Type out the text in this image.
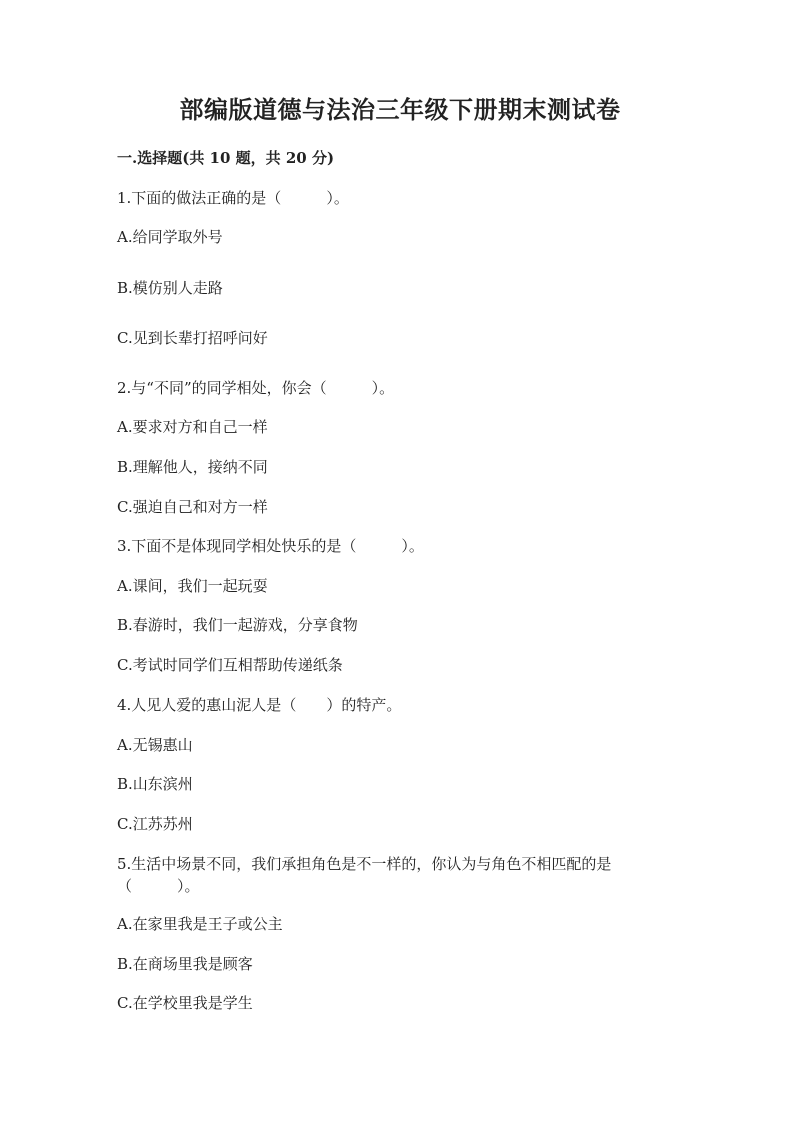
部编版道德与法治三年级下册期末测试卷
一.选择题(共 10 题，共 20 分)
1.下面的做法正确的是（　　　）。
A.给同学取外号
B.模仿别人走路
C.见到长辈打招呼问好
2.与“不同”的同学相处，你会（　　　）。
A.要求对方和自己一样
B.理解他人，接纳不同
C.强迫自己和对方一样
3.下面不是体现同学相处快乐的是（　　　）。
A.课间，我们一起玩耍
B.春游时，我们一起游戏，分享食物
C.考试时同学们互相帮助传递纸条
4.人见人爱的惠山泥人是（　　）的特产。
A.无锡惠山
B.山东滨州
C.江苏苏州
5.生活中场景不同，我们承担角色是不一样的，你认为与角色不相匹配的是（　　　）。
A.在家里我是王子或公主
B.在商场里我是顾客
C.在学校里我是学生
